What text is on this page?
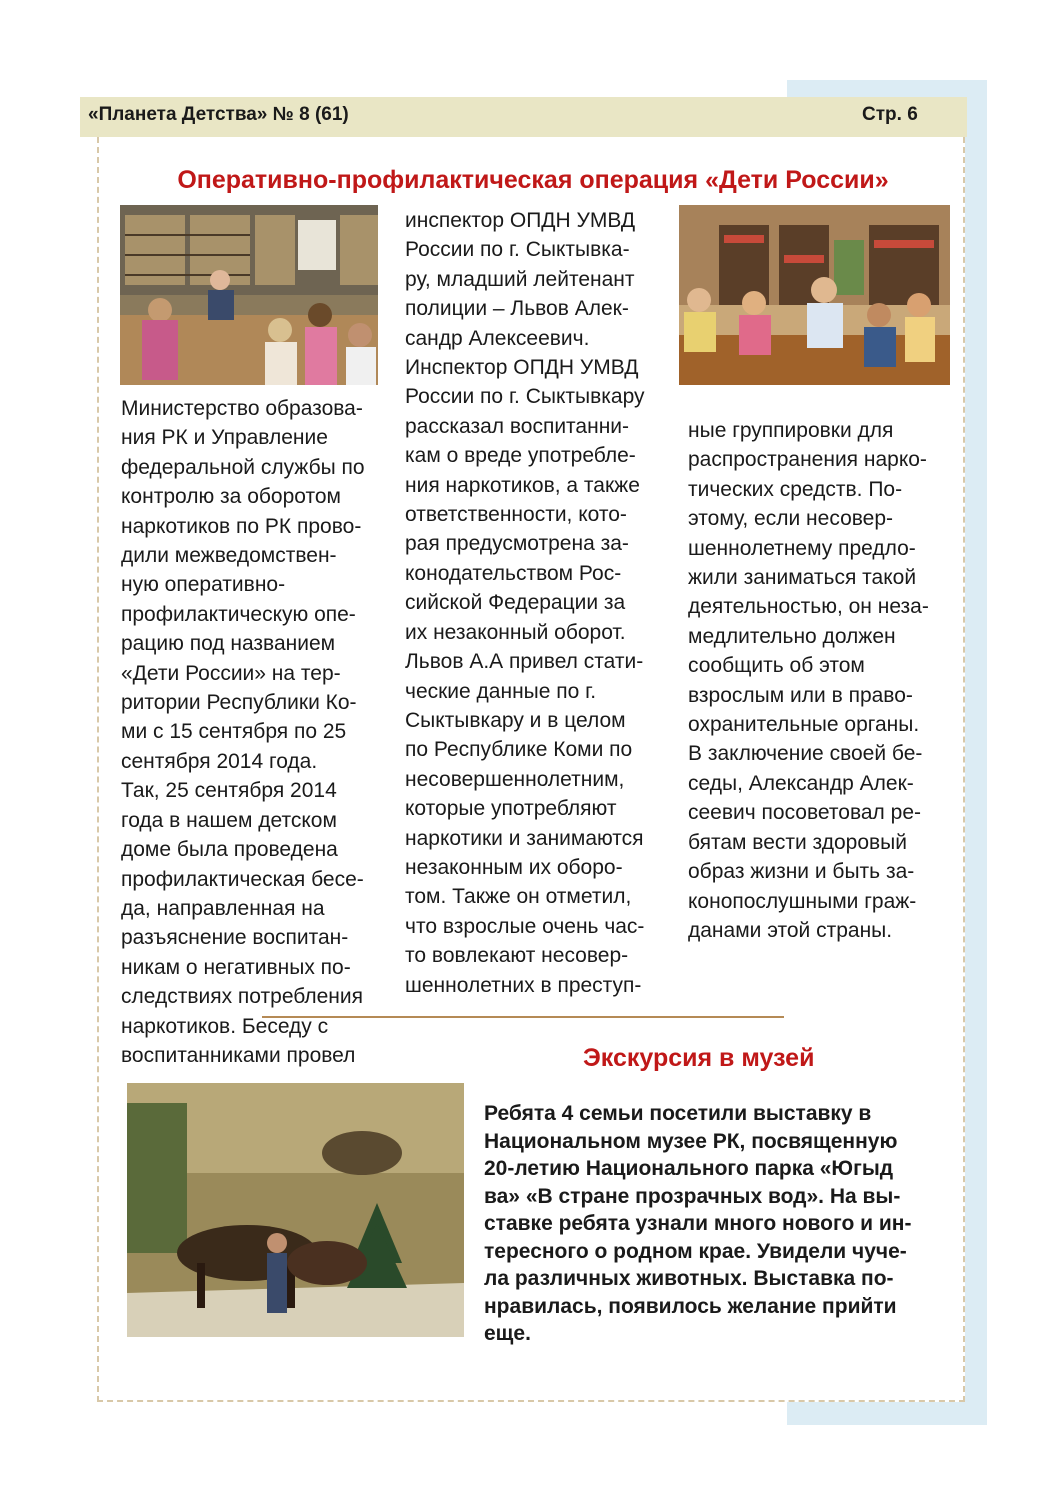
«Планета Детства» № 8 (61)	Стр. 6
Оперативно-профилактическая операция «Дети России»
Министерство образова-
ния РК и Управление
федеральной службы по
контролю за оборотом
наркотиков по РК прово-
дили межведомствен-
ную оперативно-
профилактическую опе-
рацию под названием
«Дети России» на тер-
ритории Республики Ко-
ми с 15 сентября по 25
сентября 2014 года.
Так, 25 сентября 2014
года в нашем детском
доме была проведена
профилактическая бесе-
да, направленная на
разъяснение воспитан-
никам о негативных по-
следствиях потребления
наркотиков. Беседу с
воспитанниками провел
инспектор ОПДН УМВД
России по г. Сыктывка-
ру, младший лейтенант
полиции – Львов Алек-
сандр Алексеевич.
Инспектор ОПДН УМВД
России по г. Сыктывкару
рассказал воспитанни-
кам о вреде употребле-
ния наркотиков, а также
ответственности, кото-
рая предусмотрена за-
конодательством Рос-
сийской Федерации за
их незаконный оборот.
Львов А.А привел стати-
ческие данные по г.
Сыктывкару и в целом
по Республике Коми по
несовершеннолетним,
которые употребляют
наркотики и занимаются
незаконным их оборо-
том. Также он отметил,
что взрослые очень час-
то вовлекают несовер-
шеннолетних в преступ-
ные группировки для
распространения нарко-
тических средств. По-
этому, если несовер-
шеннолетнему предло-
жили заниматься такой
деятельностью, он неза-
медлительно должен
сообщить об этом
взрослым или в право-
охранительные органы.
В заключение своей бе-
седы, Александр Алек-
сеевич посоветовал ре-
бятам вести здоровый
образ жизни и быть за-
конопослушными граж-
данами этой страны.
Экскурсия в музей
Ребята 4 семьи посетили выставку в
Национальном музее РК, посвященную
20-летию Национального парка «Югыд
ва» «В стране прозрачных вод». На вы-
ставке ребята узнали много нового и ин-
тересного о родном крае. Увидели чуче-
ла различных животных. Выставка по-
нравилась, появилось желание прийти
еще.
